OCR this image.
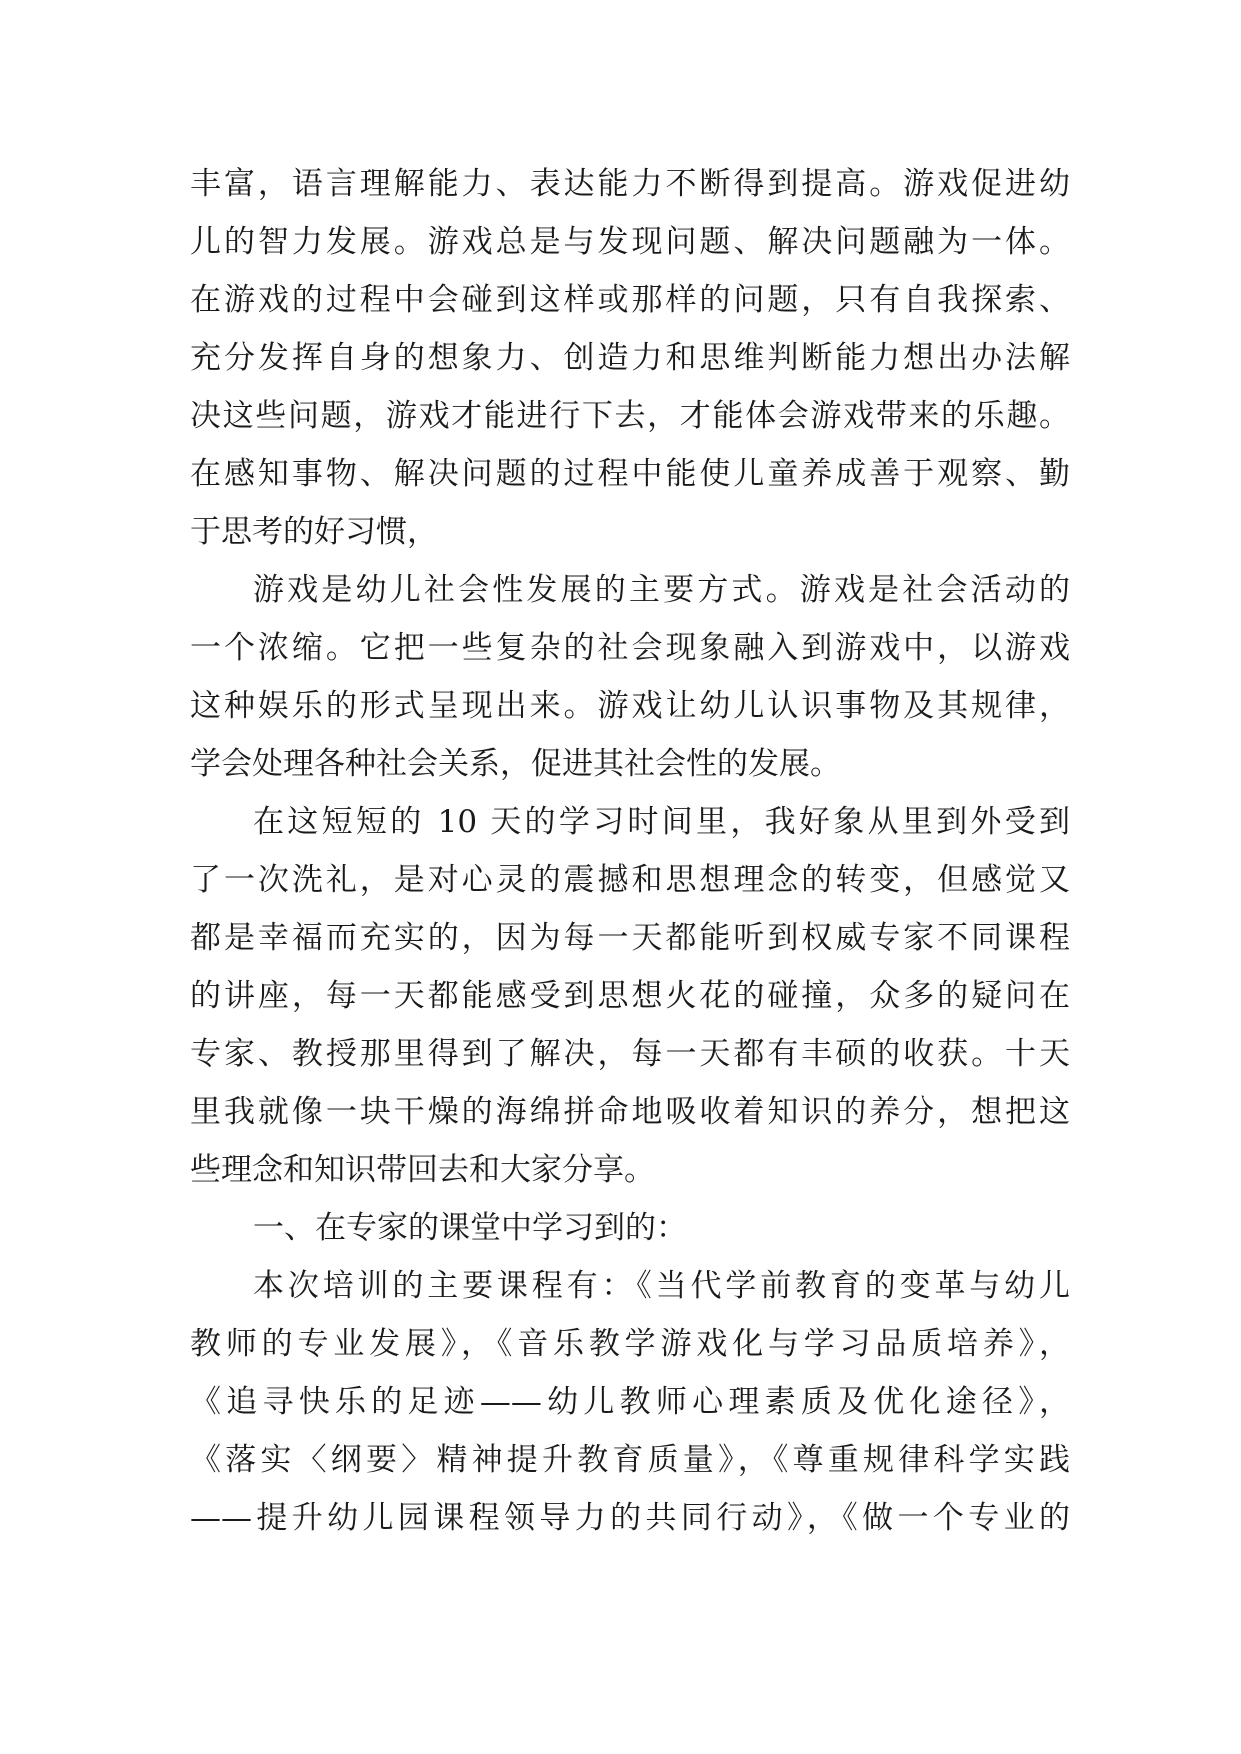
丰富，语言理解能力、表达能力不断得到提高。游戏促进幼
儿的智力发展。游戏总是与发现问题、解决问题融为一体。
在游戏的过程中会碰到这样或那样的问题，只有自我探索、
充分发挥自身的想象力、创造力和思维判断能力想出办法解
决这些问题，游戏才能进行下去，才能体会游戏带来的乐趣。
在感知事物、解决问题的过程中能使儿童养成善于观察、勤
于思考的好习惯，
游戏是幼儿社会性发展的主要方式。游戏是社会活动的
一个浓缩。它把一些复杂的社会现象融入到游戏中，以游戏
这种娱乐的形式呈现出来。游戏让幼儿认识事物及其规律，
学会处理各种社会关系，促进其社会性的发展。
在这短短的 10 天的学习时间里，我好象从里到外受到
了一次洗礼，是对心灵的震撼和思想理念的转变，但感觉又
都是幸福而充实的，因为每一天都能听到权威专家不同课程
的讲座，每一天都能感受到思想火花的碰撞，众多的疑问在
专家、教授那里得到了解决，每一天都有丰硕的收获。十天
里我就像一块干燥的海绵拼命地吸收着知识的养分，想把这
些理念和知识带回去和大家分享。
一、在专家的课堂中学习到的：
本次培训的主要课程有：《当代学前教育的变革与幼儿
教师的专业发展》，《音乐教学游戏化与学习品质培养》，
《追寻快乐的足迹——幼儿教师心理素质及优化途径》，
《落实〈纲要〉精神提升教育质量》，《尊重规律科学实践
——提升幼儿园课程领导力的共同行动》，《做一个专业的
